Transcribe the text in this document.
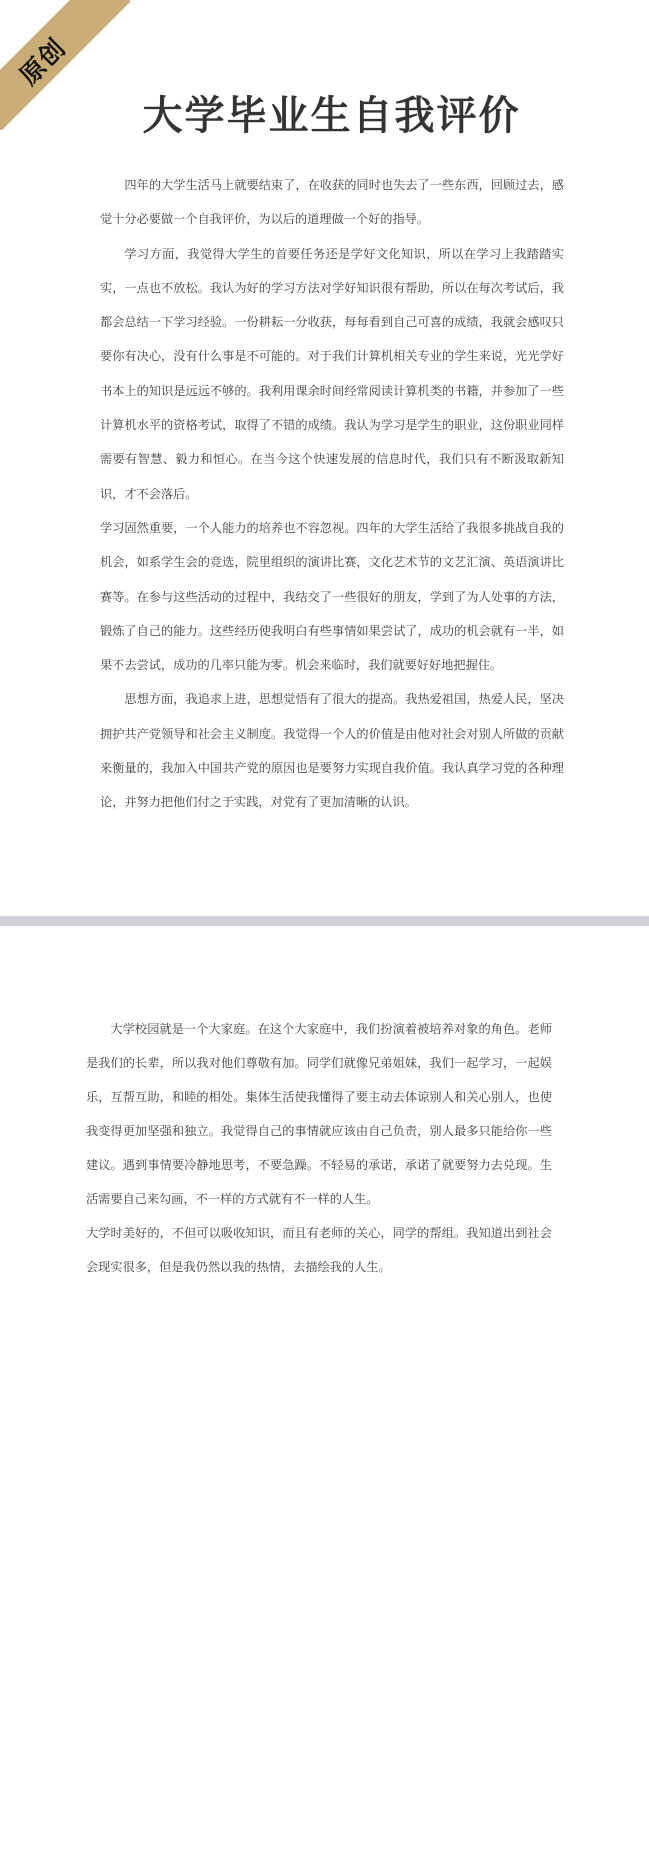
原创
大学毕业生自我评价

四年的大学生活马上就要结束了，在收获的同时也失去了一些东西，回顾过去，感觉十分必要做一个自我评价，为以后的道理做一个好的指导。

学习方面，我觉得大学生的首要任务还是学好文化知识，所以在学习上我踏踏实实，一点也不放松。我认为好的学习方法对学好知识很有帮助，所以在每次考试后，我都会总结一下学习经验。一份耕耘一分收获，每每看到自己可喜的成绩，我就会感叹只要你有决心，没有什么事是不可能的。对于我们计算机相关专业的学生来说，光光学好书本上的知识是远远不够的。我利用课余时间经常阅读计算机类的书籍，并参加了一些计算机水平的资格考试，取得了不错的成绩。我认为学习是学生的职业，这份职业同样需要有智慧、毅力和恒心。在当今这个快速发展的信息时代，我们只有不断汲取新知识，才不会落后。

学习固然重要，一个人能力的培养也不容忽视。四年的大学生活给了我很多挑战自我的机会，如系学生会的竞选，院里组织的演讲比赛，文化艺术节的文艺汇演、英语演讲比赛等。在参与这些活动的过程中，我结交了一些很好的朋友，学到了为人处事的方法，锻炼了自己的能力。这些经历使我明白有些事情如果尝试了，成功的机会就有一半，如果不去尝试，成功的几率只能为零。机会来临时，我们就要好好地把握住。

思想方面，我追求上进，思想觉悟有了很大的提高。我热爱祖国，热爱人民，坚决拥护共产党领导和社会主义制度。我觉得一个人的价值是由他对社会对别人所做的贡献来衡量的，我加入中国共产党的原因也是要努力实现自我价值。我认真学习党的各种理论，并努力把他们付之于实践，对党有了更加清晰的认识。

大学校园就是一个大家庭。在这个大家庭中，我们扮演着被培养对象的角色。老师是我们的长辈，所以我对他们尊敬有加。同学们就像兄弟姐妹，我们一起学习，一起娱乐，互帮互助，和睦的相处。集体生活使我懂得了要主动去体谅别人和关心别人，也使我变得更加坚强和独立。我觉得自己的事情就应该由自己负责，别人最多只能给你一些建议。遇到事情要冷静地思考，不要急躁。不轻易的承诺，承诺了就要努力去兑现。生活需要自己来勾画，不一样的方式就有不一样的人生。

大学时美好的，不但可以吸收知识，而且有老师的关心，同学的帮组。我知道出到社会会现实很多，但是我仍然以我的热情，去描绘我的人生。
